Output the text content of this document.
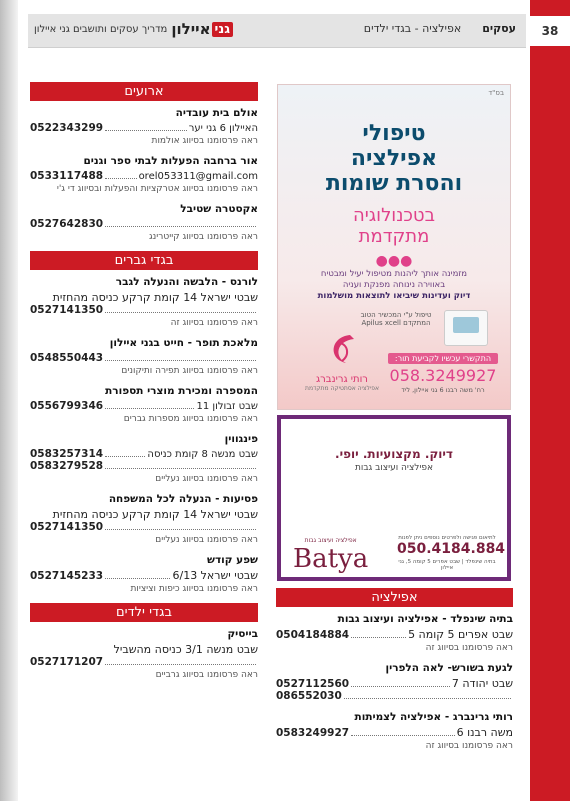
38
עסקים      אפילציה - בגדי ילדים
גני
איילון
מדריך עסקים ותושבים גני איילון
ארועים
אולם בית עובדיה
האיילון 6 גני יער
0522343299
ראה פרסומנו בסיווג אולמות
אור ברחבה הפעלות לבתי ספר וגנים
orel053311@gmail.com
0533117488
ראה פרסומנו בסיווג אטרקציות והפעלות ובסיווג די ג'י
אקסטרה שטיבל
0527642830
ראה פרסומנו בסיווג קייטרינג
בגדי גברים
לורנס - הלבשה והנעלה לגבר
שבטי ישראל 14 קומת קרקע כניסה מהחזית
0527141350
ראה פרסומנו בסיווג זה
מלאכת תופר - חייט בגני איילון
0548550443
ראה פרסומנו בסיווג תפירה ותיקונים
המספרה ומכירת מוצרי תספורת
שבט זבולון 11
0556799346
ראה פרסומנו בסיווג מספרות גברים
פינגווין
שבט מנשה 8 קומת כניסה
0583257314
0583279528
ראה פרסומנו בסיווג נעליים
פסיעות - הנעלה לכל המשפחה
שבטי ישראל 14 קומת קרקע כניסה מהחזית
0527141350
ראה פרסומנו בסיווג נעליים
שפע קודש
שבטי ישראל 6/13
0527145233
ראה פרסומנו בסיווג כיפות וציציות
בגדי ילדים
בייסיק
שבט מנשה 3/1 כניסה מהשביל
0527171207
ראה פרסומנו בסיווג גרביים
בס"ד
טיפולי
אפילציה
והסרת שומות
בטכנולוגיה
מתקדמת
●●●
מזמינה אותך ליהנות מטיפול יעיל ומבטיח
באווירה נינוחה מפנקת ועניה
דיוק ועדינות שיביאו לתוצאות מושלמות
טיפול ע"י המכשיר הטוב המתקדם Apilus xcell
התקשרי עכשיו לקביעת תור:
058.3249927
רח' משה רבנו 6 גני איילון, ליד
רותי גרינברג
אפילציה אסתטיקה מתקדמת
דיוק. מקצועיות. יופי.
אפילציה ועיצוב גבות
אפילציה ועיצוב גבות
Batya
לתיאום פגישה ולפרטים נוספים ניתן לפנות
050.4184.884
בתיה שינפלד | שבט אפרים 5 קומה 5, גני איילון
אפילציה
בתיה שינפלד - אפילציה ועיצוב גבות
שבט אפרים 5 קומה 5
0504184884
ראה פרסומנו בסיווג זה
לגעת בשורש- לאה הלפרין
שבט יהודה 7
0527112560
086552030
רותי גרינברג - אפילציה לצמיתות
משה רבנו 6
0583249927
ראה פרסומנו בסיווג זה
